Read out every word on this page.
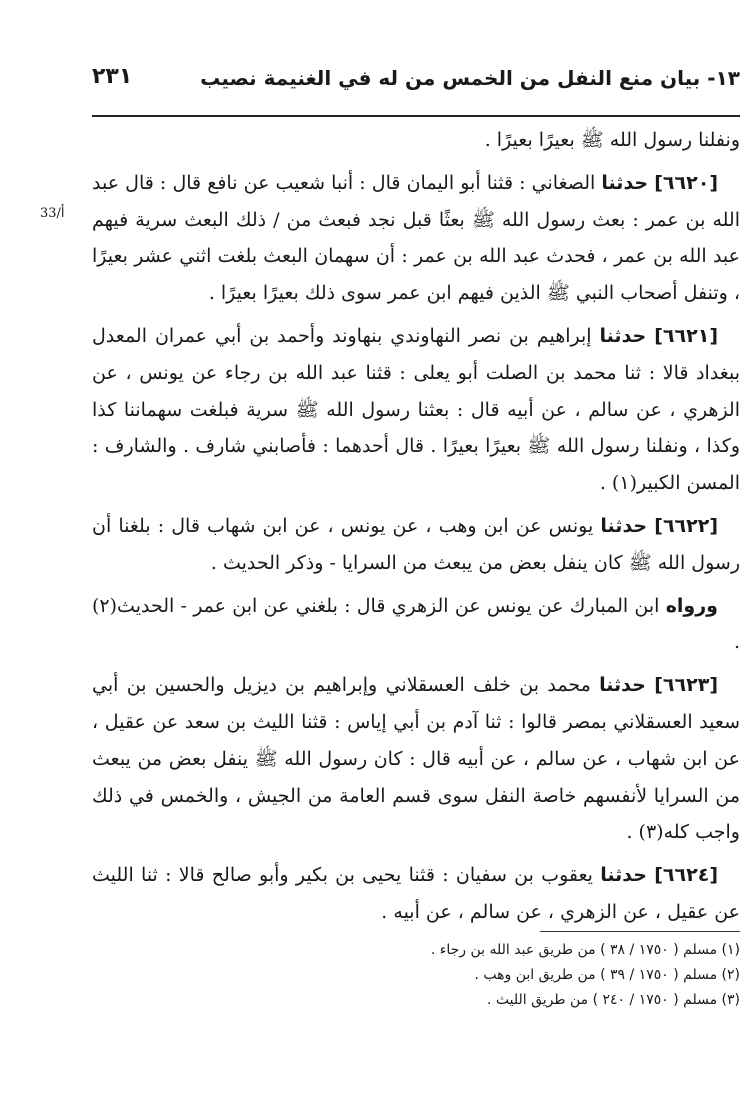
٢٣١	١٣- بيان منع النفل من الخمس من له في الغنيمة نصيب
33/أ

ونفلنا رسول الله ﷺ بعيرًا بعيرًا .

[٦٦٢٠] حدثنا الصغاني : قثنا أبو اليمان قال : أنبا شعيب عن نافع قال : قال عبد الله بن عمر : بعث رسول الله ﷺ بعثًا قبل نجد فبعث من / ذلك البعث سرية فيهم عبد الله بن عمر ، فحدث عبد الله بن عمر : أن سهمان البعث بلغت اثني عشر بعيرًا ، وتنفل أصحاب النبي ﷺ الذين فيهم ابن عمر سوى ذلك بعيرًا بعيرًا .

[٦٦٢١] حدثنا إبراهيم بن نصر النهاوندي بنهاوند وأحمد بن أبي عمران المعدل ببغداد قالا : ثنا محمد بن الصلت أبو يعلى : قثنا عبد الله بن رجاء عن يونس ، عن الزهري ، عن سالم ، عن أبيه قال : بعثنا رسول الله ﷺ سرية فبلغت سهماننا كذا وكذا ، ونفلنا رسول الله ﷺ بعيرًا بعيرًا . قال أحدهما : فأصابني شارف . والشارف : المسن الكبير(١) .

[٦٦٢٢] حدثنا يونس عن ابن وهب ، عن يونس ، عن ابن شهاب قال : بلغنا أن رسول الله ﷺ كان ينفل بعض من يبعث من السرايا - وذكر الحديث .

ورواه ابن المبارك عن يونس عن الزهري قال : بلغني عن ابن عمر - الحديث(٢) .

[٦٦٢٣] حدثنا محمد بن خلف العسقلاني وإبراهيم بن ديزيل والحسين بن أبي سعيد العسقلاني بمصر قالوا : ثنا آدم بن أبي إياس : قثنا الليث بن سعد عن عقيل ، عن ابن شهاب ، عن سالم ، عن أبيه قال : كان رسول الله ﷺ ينفل بعض من يبعث من السرايا لأنفسهم خاصة النفل سوى قسم العامة من الجيش ، والخمس في ذلك واجب كله(٣) .

[٦٦٢٤] حدثنا يعقوب بن سفيان : قثنا يحيى بن بكير وأبو صالح قالا : ثنا الليث عن عقيل ، عن الزهري ، عن سالم ، عن أبيه .

(١) مسلم ( ١٧٥٠ / ٣٨ ) من طريق عبد الله بن رجاء .
(٢) مسلم ( ١٧٥٠ / ٣٩ ) من طريق ابن وهب .
(٣) مسلم ( ١٧٥٠ / ٢٤٠ ) من طريق الليث .
